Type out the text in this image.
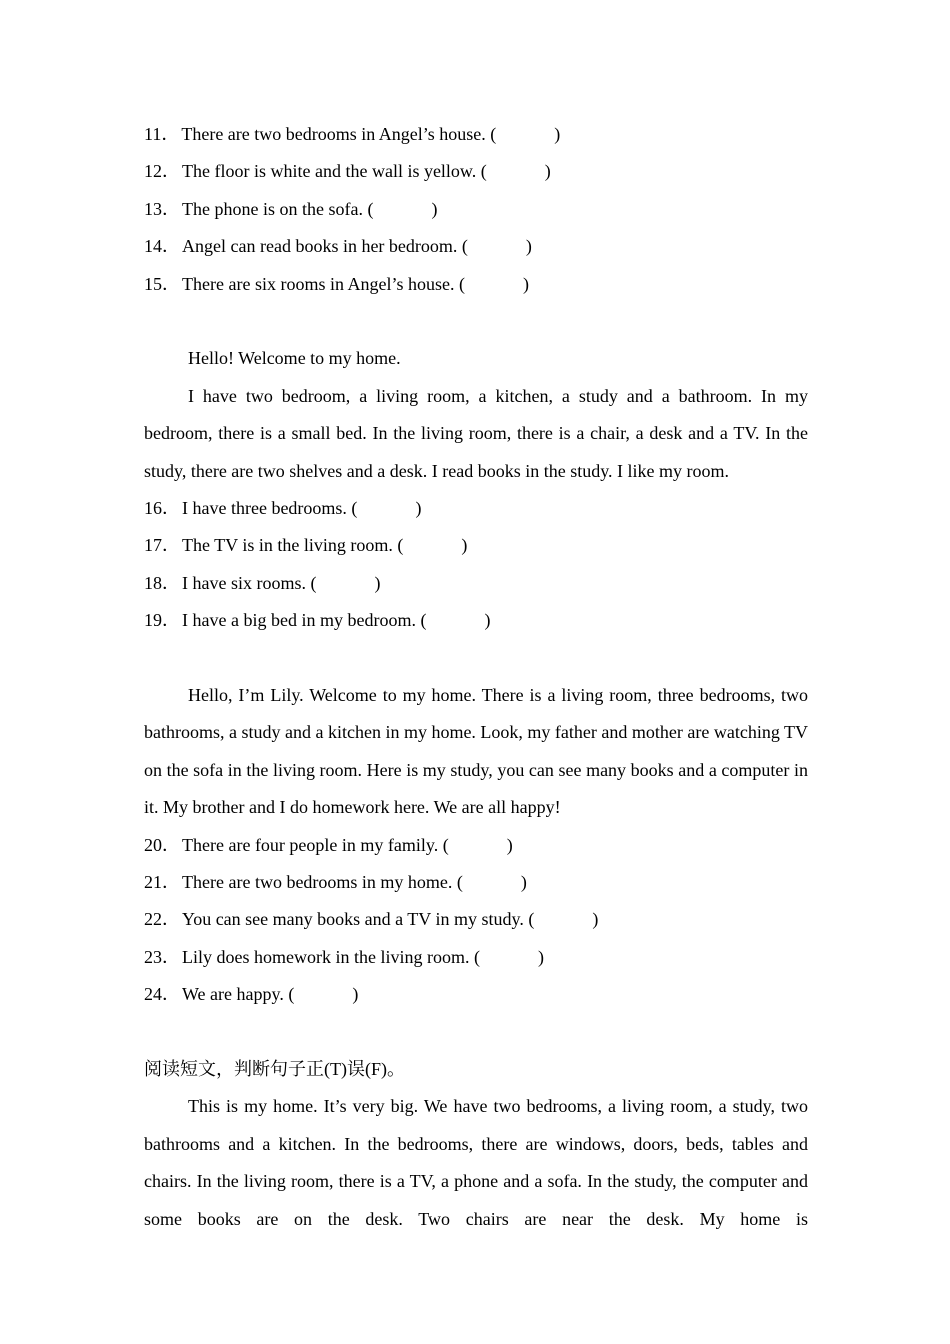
11 ． There are two bedrooms in Angel’s house. (	)
12 ． The floor is white and the wall is yellow. (	)
13 ． The phone is on the sofa. (	)
14 ． Angel can read books in her bedroom. (	)
15 ． There are six rooms in Angel’s house. (	)

Hello! Welcome to my home.

I have two bedroom, a living room, a kitchen, a study and a bathroom. In my bedroom, there is a small bed. In the living room, there is a chair, a desk and a TV. In the study, there are two shelves and a desk. I read books in the study. I like my room.

16 ． I have three bedrooms. (	)
17 ． The TV is in the living room. (	)
18 ． I have six rooms. (	)
19 ． I have a big bed in my bedroom. (	)

Hello, I’m Lily. Welcome to my home. There is a living room, three bedrooms, two bathrooms, a study and a kitchen in my home. Look, my father and mother are watching TV on the sofa in the living room. Here is my study, you can see many books and a computer in it. My brother and I do homework here. We are all happy!

20 ． There are four people in my family. (	)
21 ． There are two bedrooms in my home. (	)
22 ． You can see many books and a TV in my study. (	)
23 ． Lily does homework in the living room. (	)
24 ． We are happy. (	)

阅读短文，判断句子正(T)误(F)。

This is my home. It’s very big. We have two bedrooms, a living room, a study, two bathrooms and a kitchen. In the bedrooms, there are windows, doors, beds, tables and chairs. In the living room, there is a TV, a phone and a sofa. In the study, the computer and some books are on the desk. Two chairs are near the desk. My home is
